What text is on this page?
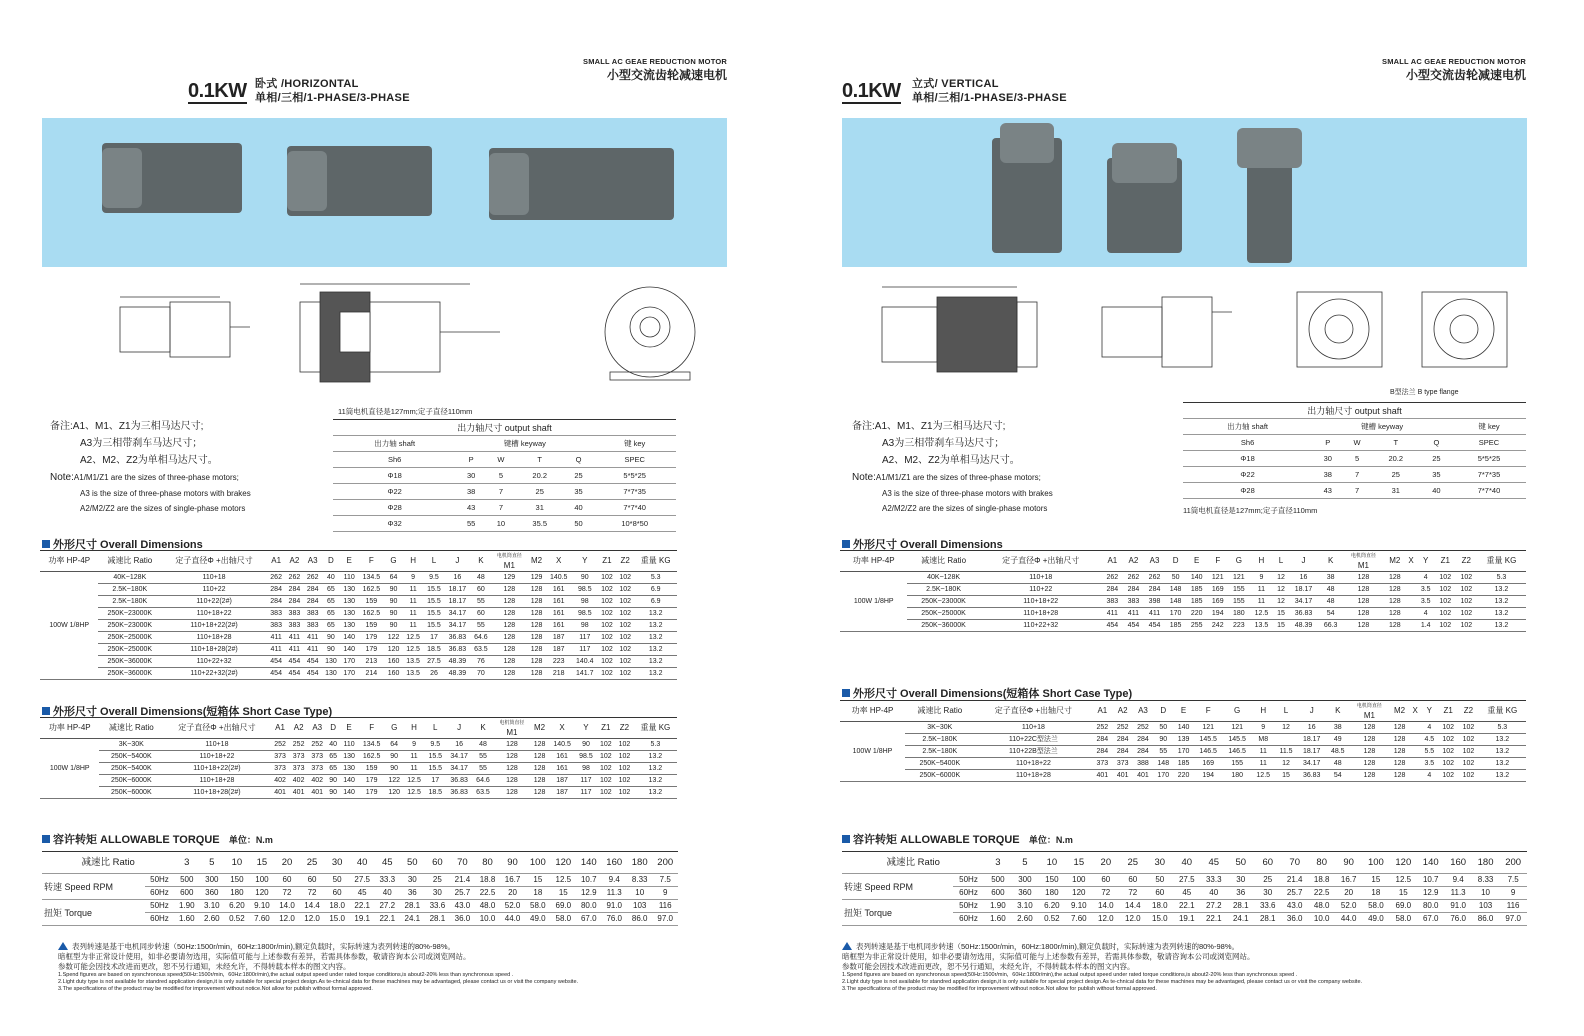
0.1KW 卧式 /HORIZONTAL
单相/三相/1-PHASE/3-PHASE
SMALL AC GEAE REDUCTION MOTOR
小型交流齿轮减速电机
备注:A1、M1、Z1为三相马达尺寸;
A3为三相带刹车马达尺寸；
A2、M2、Z2为单相马达尺寸。
Note:A1/M1/Z1 are the sizes of three-phase motors;
A3 is the size of three-phase motors with brakes
A2/M2/Z2 are the sizes of single-phase motors
11筒电机直径是127mm;定子直径110mm
出力轴尺寸 output shaft					
出力轴 shaft	键槽 keyway				键 key
Sh6	P	W	T	Q	SPEC
Φ18	30	5	20.2	25	5*5*25
Φ22	38	7	25	35	7*7*35
Φ28	43	7	31	40	7*7*40
Φ32	55	10	35.5	50	10*8*50
外形尺寸 Overall Dimensions
功率 HP-4P	减速比 Ratio	定子直径Φ +出轴尺寸	A1	A2	A3	D	E	F	G	H	L	J	K	电机筒直径
M1	M2	X	Y	Z1	Z2	重量 KG
100W 1/8HP	40K~128K	110+18	262	262	262	40	110	134.5	64	9	9.5	16	48	129	129	140.5	90	102	102	5.3
	2.5K~180K	110+22	284	284	284	65	130	162.5	90	11	15.5	18.17	60	128	128	161	98.5	102	102	6.9
	2.5K~180K	110+22(2#)	284	284	284	65	130	159	90	11	15.5	18.17	55	128	128	161	98	102	102	6.9
	250K~23000K	110+18+22	383	383	383	65	130	162.5	90	11	15.5	34.17	60	128	128	161	98.5	102	102	13.2
	250K~23000K	110+18+22(2#)	383	383	383	65	130	159	90	11	15.5	34.17	55	128	128	161	98	102	102	13.2
	250K~25000K	110+18+28	411	411	411	90	140	179	122	12.5	17	36.83	64.6	128	128	187	117	102	102	13.2
	250K~25000K	110+18+28(2#)	411	411	411	90	140	179	120	12.5	18.5	36.83	63.5	128	128	187	117	102	102	13.2
	250K~36000K	110+22+32	454	454	454	130	170	213	160	13.5	27.5	48.39	76	128	128	223	140.4	102	102	13.2
	250K~36000K	110+22+32(2#)	454	454	454	130	170	214	160	13.5	26	48.39	70	128	128	218	141.7	102	102	13.2
外形尺寸 Overall Dimensions(短箱体 Short Case Type)
功率 HP-4P	减速比 Ratio	定子直径Φ +出轴尺寸	A1	A2	A3	D	E	F	G	H	L	J	K	电机筒直径
M1	M2	X	Y	Z1	Z2	重量 KG
100W 1/8HP	3K~30K	110+18	252	252	252	40	110	134.5	64	9	9.5	16	48	128	128	140.5	90	102	102	5.3
	250K~5400K	110+18+22	373	373	373	65	130	162.5	90	11	15.5	34.17	55	128	128	161	98.5	102	102	13.2
	250K~5400K	110+18+22(2#)	373	373	373	65	130	159	90	11	15.5	34.17	55	128	128	161	98	102	102	13.2
	250K~6000K	110+18+28	402	402	402	90	140	179	122	12.5	17	36.83	64.6	128	128	187	117	102	102	13.2
	250K~6000K	110+18+28(2#)	401	401	401	90	140	179	120	12.5	18.5	36.83	63.5	128	128	187	117	102	102	13.2
容许转矩 ALLOWABLE TORQUE 单位：N.m
减速比 Ratio		3	5	10	15	20	25	30	40	45	50	60	70	80	90	100	120	140	160	180	200
转速 Speed RPM	50Hz	500	300	150	100	60	60	50	27.5	33.3	30	25	21.4	18.8	16.7	15	12.5	10.7	9.4	8.33	7.5
	60Hz	600	360	180	120	72	72	60	45	40	36	30	25.7	22.5	20	18	15	12.9	11.3	10	9
扭矩 Torque	50Hz	1.90	3.10	6.20	9.10	14.0	14.4	18.0	22.1	27.2	28.1	33.6	43.0	48.0	52.0	58.0	69.0	80.0	91.0	103	116
	60Hz	1.60	2.60	0.52	7.60	12.0	12.0	15.0	19.1	22.1	24.1	28.1	36.0	10.0	44.0	49.0	58.0	67.0	76.0	86.0	97.0
表列转速是基于电机同步转速（50Hz:1500r/min，60Hz:1800r/min),额定负载时，实际转速为表列转速的80%-98%。
暗框型为非正常设计使用，如非必要请勿选用，实际值可能与上述参数有差异，若需具体参数，敬请咨询本公司或浏览网站。
参数可能会因技术改进而更改，恕不另行通知，未经允许，不得转载本样本的图文内容。
1.Spend figures are based on sysnchronous speed(50Hz:1500r/min，60Hz:1800r/min),the actual output speed under rated torque conditions,is about2-20% less than synchronous speed .
2.Light duty type is not available for standred application design,it is only suitable for special project design.As te-chnical data for these machines may be advantaged, please contact us or visit the company website.
3.The specifications of the product may be modified for improvement without notice.Not allow for publish without formal approved.
0.1KW 立式/ VERTICAL
单相/三相/1-PHASE/3-PHASE
SMALL AC GEAE REDUCTION MOTOR
小型交流齿轮减速电机
B型法兰 B type flange
备注:A1、M1、Z1为三相马达尺寸;
A3为三相带刹车马达尺寸；
A2、M2、Z2为单相马达尺寸。
Note:A1/M1/Z1 are the sizes of three-phase motors;
A3 is the size of three-phase motors with brakes
A2/M2/Z2 are the sizes of single-phase motors
出力轴尺寸 output shaft					
出力轴 shaft	键槽 keyway				键 key
Sh6	P	W	T	Q	SPEC
Φ18	30	5	20.2	25	5*5*25
Φ22	38	7	25	35	7*7*35
Φ28	43	7	31	40	7*7*40
11筒电机直径是127mm;定子直径110mm
外形尺寸 Overall Dimensions
功率 HP-4P	减速比 Ratio	定子直径Φ +出轴尺寸	A1	A2	A3	D	E	F	G	H	L	J	K	电机筒直径
M1	M2	X	Y	Z1	Z2	重量 KG
100W 1/8HP	40K~128K	110+18	262	262	262	50	140	121	121	9	12	16	38	128	128		4	102	102	5.3
	2.5K~180K	110+22	284	284	284	148	185	169	155	11	12	18.17	48	128	128		3.5	102	102	13.2
	250K~23000K	110+18+22	383	383	398	148	185	169	155	11	12	34.17	48	128	128		3.5	102	102	13.2
	250K~25000K	110+18+28	411	411	411	170	220	194	180	12.5	15	36.83	54	128	128		4	102	102	13.2
	250K~36000K	110+22+32	454	454	454	185	255	242	223	13.5	15	48.39	66.3	128	128		1.4	102	102	13.2
外形尺寸 Overall Dimensions(短箱体 Short Case Type)
功率 HP-4P	减速比 Ratio	定子直径Φ +出轴尺寸	A1	A2	A3	D	E	F	G	H	L	J	K	电机筒直径
M1	M2	X	Y	Z1	Z2	重量 KG
100W 1/8HP	3K~30K	110+18	252	252	252	50	140	121	121	9	12	16	38	128	128		4	102	102	5.3
	2.5K~180K	110+22C型法兰	284	284	284	90	139	145.5	145.5	M8		18.17	49	128	128		4.5	102	102	13.2
	2.5K~180K	110+22B型法兰	284	284	284	55	170	146.5	146.5	11	11.5	18.17	48.5	128	128		5.5	102	102	13.2
	250K~5400K	110+18+22	373	373	388	148	185	169	155	11	12	34.17	48	128	128		3.5	102	102	13.2
	250K~6000K	110+18+28	401	401	401	170	220	194	180	12.5	15	36.83	54	128	128		4	102	102	13.2
容许转矩 ALLOWABLE TORQUE 单位：N.m
减速比 Ratio		3	5	10	15	20	25	30	40	45	50	60	70	80	90	100	120	140	160	180	200
转速 Speed RPM	50Hz	500	300	150	100	60	60	50	27.5	33.3	30	25	21.4	18.8	16.7	15	12.5	10.7	9.4	8.33	7.5
	60Hz	600	360	180	120	72	72	60	45	40	36	30	25.7	22.5	20	18	15	12.9	11.3	10	9
扭矩 Torque	50Hz	1.90	3.10	6.20	9.10	14.0	14.4	18.0	22.1	27.2	28.1	33.6	43.0	48.0	52.0	58.0	69.0	80.0	91.0	103	116
	60Hz	1.60	2.60	0.52	7.60	12.0	12.0	15.0	19.1	22.1	24.1	28.1	36.0	10.0	44.0	49.0	58.0	67.0	76.0	86.0	97.0
表列转速是基于电机同步转速（50Hz:1500r/min，60Hz:1800r/min),额定负载时，实际转速为表列转速的80%-98%。
暗框型为非正常设计使用，如非必要请勿选用，实际值可能与上述参数有差异，若需具体参数，敬请咨询本公司或浏览网站。
参数可能会因技术改进而更改，恕不另行通知，未经允许，不得转载本样本的图文内容。
1.Spend figures are based on sysnchronous speed(50Hz:1500r/min，60Hz:1800r/min),the actual output speed under rated torque conditions,is about2-20% less than synchronous speed .
2.Light duty type is not available for standred application design,it is only suitable for special project design.As te-chnical data for these machines may be advantaged, please contact us or visit the company website.
3.The specifications of the product may be modified for improvement without notice.Not allow for publish without formal approved.
